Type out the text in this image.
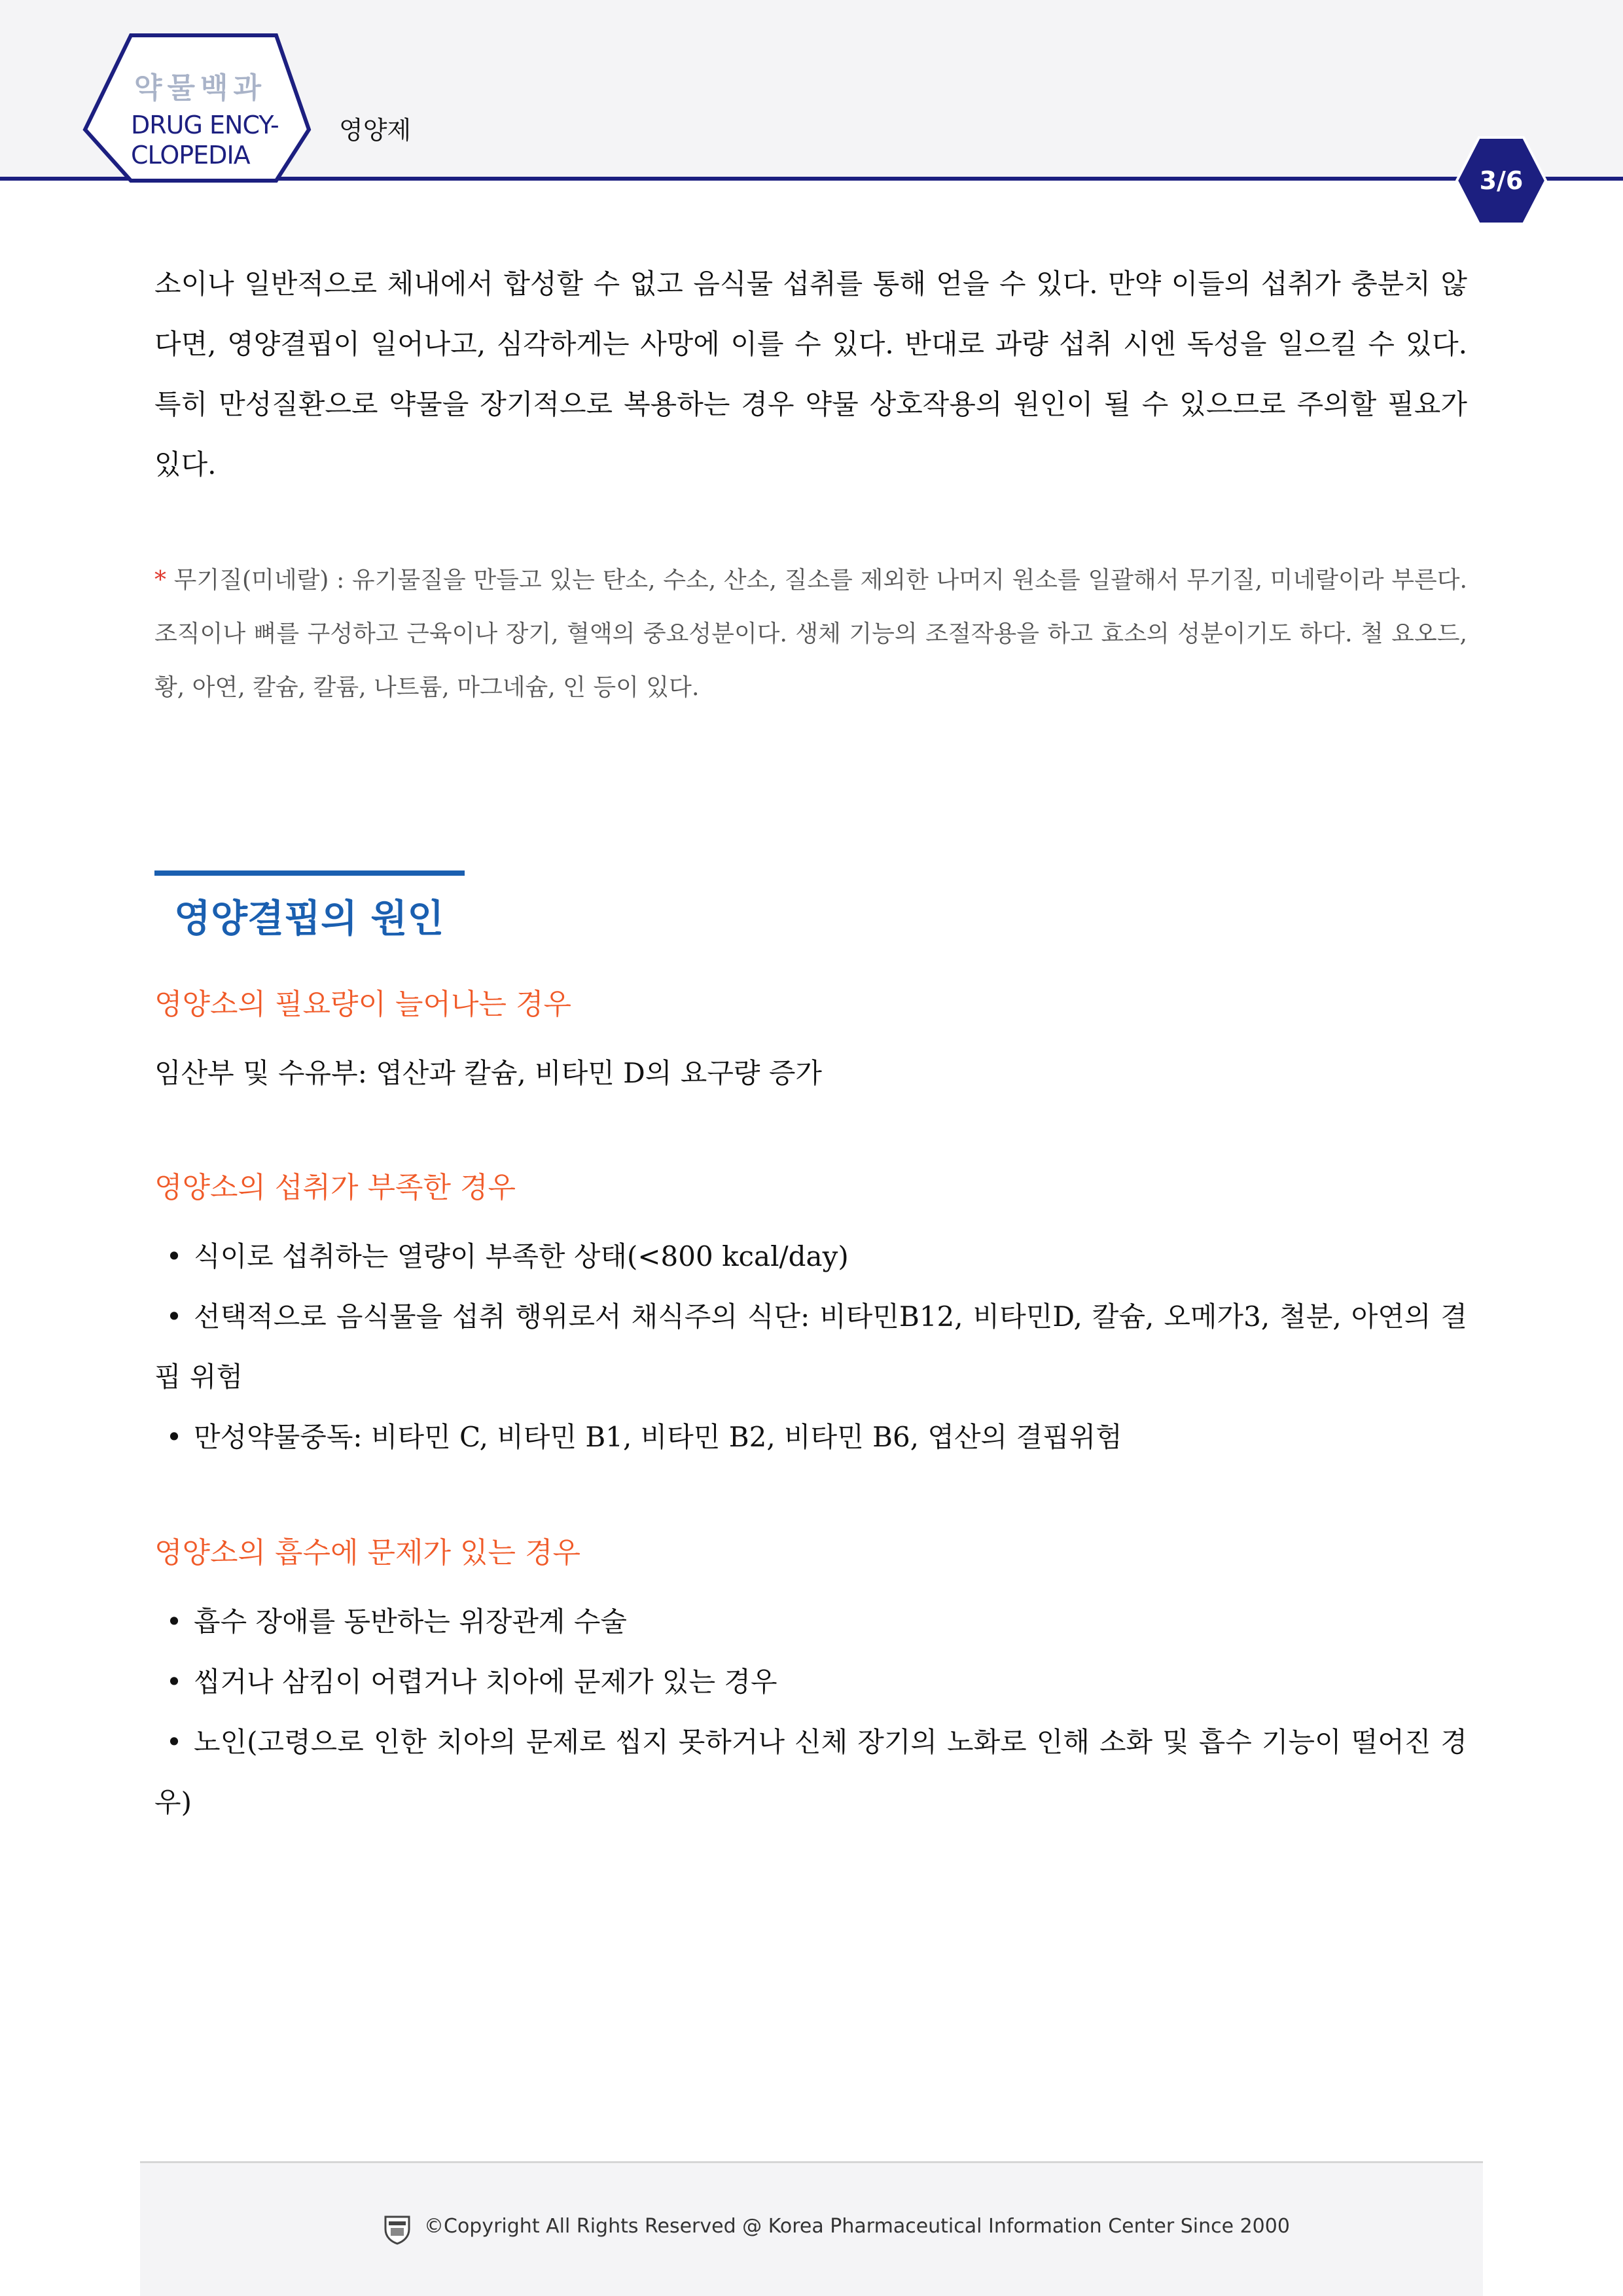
약물백과
DRUG ENCY-
CLOPEDIA
영양제
3/6
소이나 일반적으로 체내에서 합성할 수 없고 음식물 섭취를 통해 얻을 수 있다. 만약 이들의 섭취가 충분치 않다면, 영양결핍이 일어나고, 심각하게는 사망에 이를 수 있다. 반대로 과량 섭취 시엔 독성을 일으킬 수 있다. 특히 만성질환으로 약물을 장기적으로 복용하는 경우 약물 상호작용의 원인이 될 수 있으므로 주의할 필요가 있다.
* 무기질(미네랄) : 유기물질을 만들고 있는 탄소, 수소, 산소, 질소를 제외한 나머지 원소를 일괄해서 무기질, 미네랄이라 부른다. 조직이나 뼈를 구성하고 근육이나 장기, 혈액의 중요성분이다. 생체 기능의 조절작용을 하고 효소의 성분이기도 하다. 철 요오드, 황, 아연, 칼슘, 칼륨, 나트륨, 마그네슘, 인 등이 있다.
영양결핍의 원인
영양소의 필요량이 늘어나는 경우
임산부 및 수유부: 엽산과 칼슘, 비타민 D의 요구량 증가
영양소의 섭취가 부족한 경우
• 식이로 섭취하는 열량이 부족한 상태(<800 kcal/day)
• 선택적으로 음식물을 섭취 행위로서 채식주의 식단: 비타민B12, 비타민D, 칼슘, 오메가3, 철분, 아연의 결핍 위험
• 만성약물중독: 비타민 C, 비타민 B1, 비타민 B2, 비타민 B6, 엽산의 결핍위험
영양소의 흡수에 문제가 있는 경우
• 흡수 장애를 동반하는 위장관계 수술
• 씹거나 삼킴이 어렵거나 치아에 문제가 있는 경우
• 노인(고령으로 인한 치아의 문제로 씹지 못하거나 신체 장기의 노화로 인해 소화 및 흡수 기능이 떨어진 경우)
©Copyright All Rights Reserved @ Korea Pharmaceutical Information Center Since 2000
